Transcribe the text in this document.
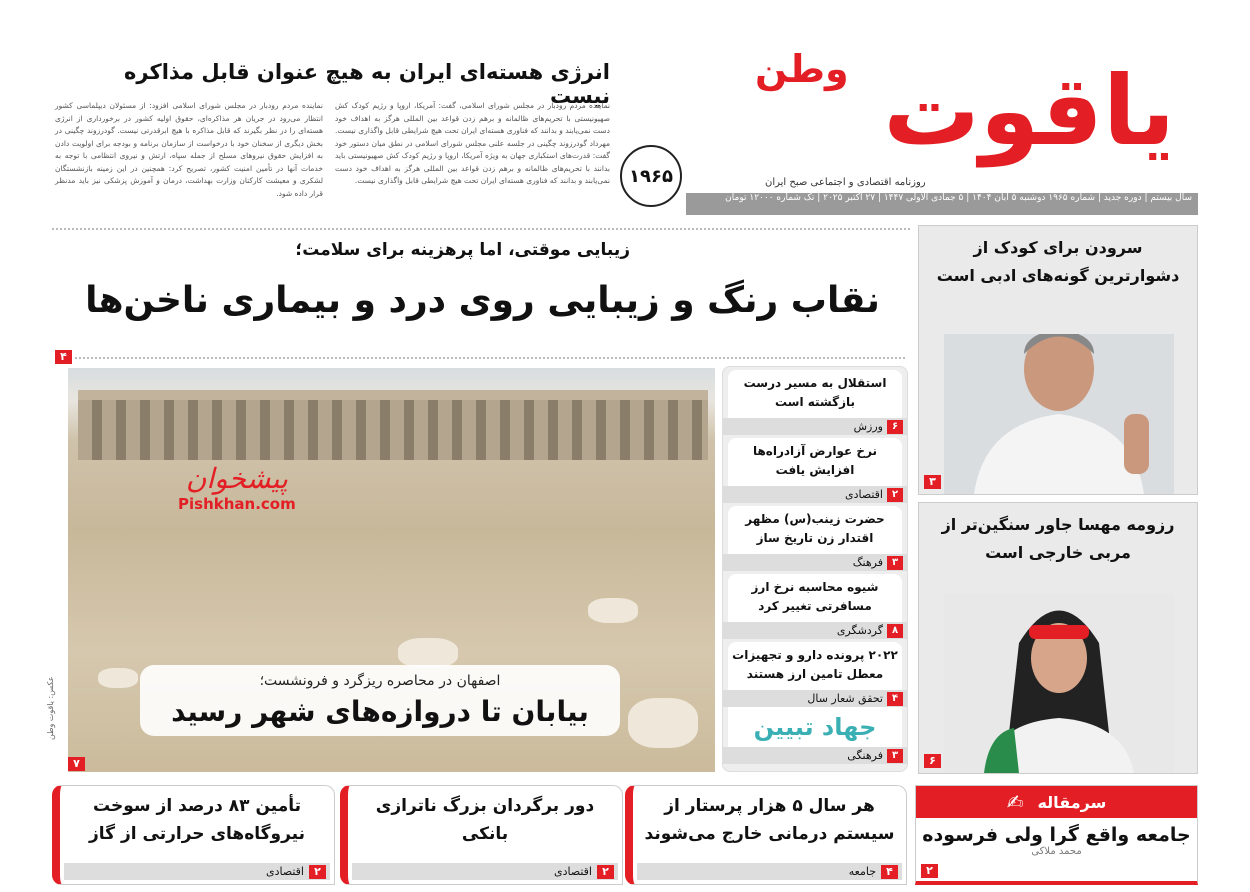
یاقوت
وطن
روزنامه اقتصادی و اجتماعی صبح ایران
سال بیستم | دوره جدید | شماره ۱۹۶۵ دوشنبه ۵ آبان ۱۴۰۴ | ۵ جمادی الاولی ۱۴۴۷ | ۲۷ اکتبر ۲۰۲۵ | تک شماره ۱۲۰۰۰ تومان
۱۹۶۵
انرژی هسته‌ای ایران به هیچ عنوان قابل مذاکره نیست
نماینده مردم رودبار در مجلس شورای اسلامی، گفت: آمریکا، اروپا و رژیم کودک کش صهیونیستی با تحریم‌های ظالمانه و برهم زدن قواعد بین المللی هرگز به اهداف خود دست نمی‌یابند و بدانند که فناوری هسته‌ای ایران تحت هیچ شرایطی قابل واگذاری نیست. مهرداد گودرزوند چگینی در جلسه علنی مجلس شورای اسلامی در نطق میان دستور خود گفت: قدرت‌های استکباری جهان به ویژه آمریکا، اروپا و رژیم کودک کش صهیونیستی باید بدانند با تحریم‌های ظالمانه و برهم زدن قواعد بین المللی هرگز به اهداف خود دست نمی‌یابند و بدانند که فناوری هسته‌ای ایران تحت هیچ شرایطی قابل واگذاری نیست.
نماینده مردم رودبار در مجلس شورای اسلامی افزود: از مسئولان دیپلماسی کشور انتظار می‌رود در جریان هر مذاکره‌ای، حقوق اولیه کشور در برخورداری از انرژی هسته‌ای را در نظر بگیرند که قابل مذاکره با هیچ ابرقدرتی نیست. گودرزوند چگینی در بخش دیگری از سخنان خود با درخواست از سازمان برنامه و بودجه برای اولویت دادن به افزایش حقوق نیروهای مسلح از جمله سپاه، ارتش و نیروی انتظامی با توجه به خدمات آنها در تأمین امنیت کشور، تصریح کرد: همچنین در این زمینه بازنشستگان لشکری و معیشت کارکنان وزارت بهداشت، درمان و آموزش پزشکی نیز باید مدنظر قرار داده شود.
زیبایی موقتی، اما پرهزینه برای سلامت؛
نقاب رنگ و زیبایی روی درد و بیماری ناخن‌ها
۴
پیشخوان
Pishkhan.com
اصفهان در محاصره ریزگرد و فرونشست؛
بیابان تا دروازه‌های شهر رسید
۷
عکس: یاقوت وطن
استقلال به مسیر درست بازگشته است
۶
ورزش
نرخ عوارض آزادراه‌ها افزایش یافت
۲
اقتصادی
حضرت زینب(س) مظهر اقتدار زن تاریخ ساز
۳
فرهنگ
شیوه محاسبه نرخ ارز مسافرتی تغییر کرد
۸
گردشگری
۲۰۲۲ پرونده دارو و تجهیزات معطل تامین ارز هستند
۴
تحقق شعار سال
جهاد تبیین
۳
فرهنگی
سرودن برای کودک از دشوارترین گونه‌های ادبی است
۳
رزومه مهسا جاور سنگین‌تر از مربی خارجی است
۶
تأمین ۸۳ درصد از سوخت نیروگاه‌های حرارتی از گاز
۲
اقتصادی
دور برگردان بزرگ ناترازی بانکی
۲
اقتصادی
هر سال ۵ هزار پرستار از سیستم درمانی خارج می‌شوند
۴
جامعه
✍ سرمقاله
جامعه واقع گرا ولی فرسوده
محمد ملاکی
۲
